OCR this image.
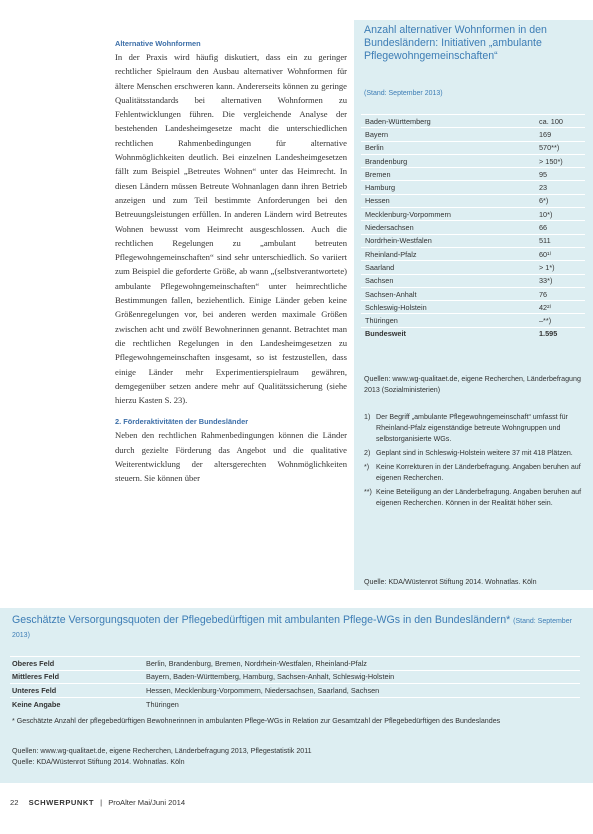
Alternative Wohnformen

In der Praxis wird häufig diskutiert, dass ein zu geringer rechtlicher Spielraum den Ausbau alternativer Wohnformen für ältere Menschen erschweren kann. Andererseits können zu geringe Qualitätsstandards bei alternativen Wohnformen zu Fehlentwicklungen führen. Die vergleichende Analyse der bestehenden Landesheimgesetze macht die unterschiedlichen rechtlichen Rahmenbedingungen für alternative Wohnmöglichkeiten deutlich. Bei einzelnen Landesheimgesetzen fällt zum Beispiel „Betreutes Wohnen“ unter das Heimrecht. In diesen Ländern müssen Betreute Wohnanlagen dann ihren Betrieb anzeigen und zum Teil bestimmte Anforderungen bei den Betreuungsleistungen erfüllen. In anderen Ländern wird Betreutes Wohnen bewusst vom Heimrecht ausgeschlossen. Auch die rechtlichen Regelungen zu „ambulant betreuten Pflegewohngemeinschaften“ sind sehr unterschiedlich. So variiert zum Beispiel die geforderte Größe, ab wann „(selbstverantwortete) ambulante Pflegewohngemeinschaften“ unter heimrechtliche Bestimmungen fallen, beziehentlich. Einige Länder geben keine Größenregelungen vor, bei anderen werden maximale Größen zwischen acht und zwölf Bewohnerinnen genannt. Betrachtet man die rechtlichen Regelungen in den Landesheimgesetzen zu Pflegewohngemeinschaften insgesamt, so ist festzustellen, dass einige Länder mehr Experimentierspielraum gewähren, demgegenüber setzen andere mehr auf Qualitätssicherung (siehe hierzu Kasten S. 23).

2. Förderaktivitäten der Bundesländer

Neben den rechtlichen Rahmenbedingungen können die Länder durch gezielte Förderung das Angebot und die qualitative Weiterentwicklung der altersgerechten Wohnmöglichkeiten steuern. Sie können über

Anzahl alternativer Wohnformen in den Bundesländern: Initiativen „ambulante Pflegewohngemeinschaften“
(Stand: September 2013)
Baden-Württemberg	ca. 100
Bayern	169
Berlin	570**)
Brandenburg	> 150*)
Bremen	95
Hamburg	23
Hessen	6*)
Mecklenburg-Vorpommern	10*)
Niedersachsen	66
Nordrhein-Westfalen	511
Rheinland-Pfalz	60¹⁾
Saarland	> 1*)
Sachsen	33*)
Sachsen-Anhalt	76
Schleswig-Holstein	42²⁾
Thüringen	–**)
Bundesweit	1.595
Quellen: www.wg-qualitaet.de, eigene Recherchen, Länderbefragung 2013 (Sozialministerien)
1) Der Begriff „ambulante Pflegewohngemeinschaft“ umfasst für Rheinland-Pfalz eigenständige betreute Wohngruppen und selbstorganisierte WGs.
2) Geplant sind in Schleswig-Holstein weitere 37 mit 418 Plätzen.
*) Keine Korrekturen in der Länderbefragung. Angaben beruhen auf eigenen Recherchen.
**) Keine Beteiligung an der Länderbefragung. Angaben beruhen auf eigenen Recherchen. Können in der Realität höher sein.
Quelle: KDA/Wüstenrot Stiftung 2014. Wohnatlas. Köln
Geschätzte Versorgungsquoten der Pflegebedürftigen mit ambulanten Pflege-WGs in den Bundesländern* (Stand: September 2013)
Oberes Feld	Berlin, Brandenburg, Bremen, Nordrhein-Westfalen, Rheinland-Pfalz
Mittleres Feld	Bayern, Baden-Württemberg, Hamburg, Sachsen-Anhalt, Schleswig-Holstein
Unteres Feld	Hessen, Mecklenburg-Vorpommern, Niedersachsen, Saarland, Sachsen
Keine Angabe	Thüringen
* Geschätzte Anzahl der pflegebedürftigen Bewohnerinnen in ambulanten Pflege-WGs in Relation zur Gesamtzahl der Pflegebedürftigen des Bundeslandes
Quellen: www.wg-qualitaet.de, eigene Recherchen, Länderbefragung 2013, Pflegestatistik 2011
Quelle: KDA/Wüstenrot Stiftung 2014. Wohnatlas. Köln
22 SCHWERPUNKT | ProAlter Mai/Juni 2014
